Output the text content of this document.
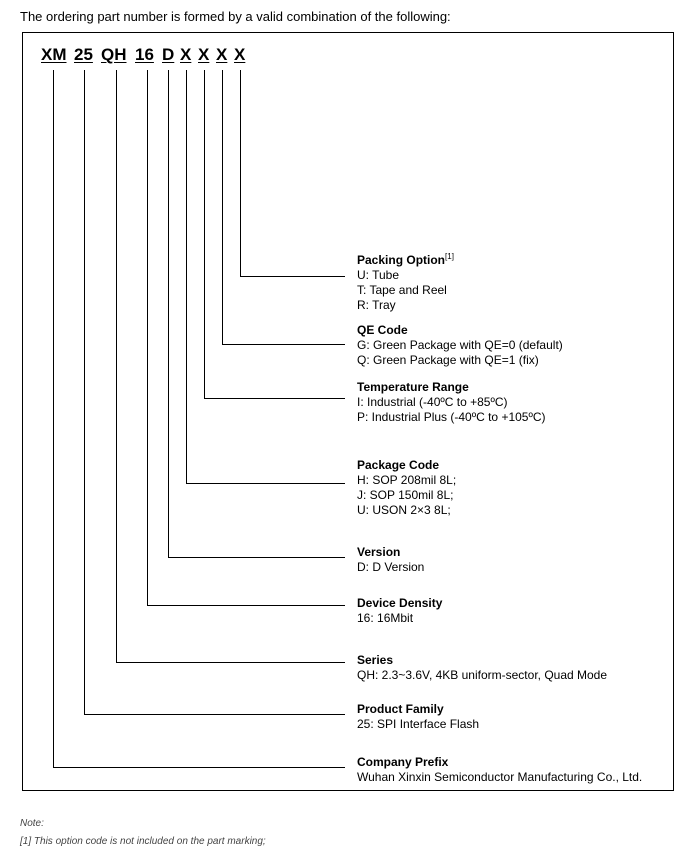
The ordering part number is formed by a valid combination of the following:
XM 25 QH 16 D X X X X
Packing Option[1]
U: Tube
T: Tape and Reel
R: Tray
QE Code
G: Green Package with QE=0 (default)
Q: Green Package with QE=1 (fix)
Temperature Range
I: Industrial (-40ºC to +85ºC)
P: Industrial Plus (-40ºC to +105ºC)
Package Code
H: SOP 208mil 8L;
J: SOP 150mil 8L;
U: USON 2×3 8L;
Version
D: D Version
Device Density
16: 16Mbit
Series
QH: 2.3~3.6V, 4KB uniform-sector, Quad Mode
Product Family
25: SPI Interface Flash
Company Prefix
Wuhan Xinxin Semiconductor Manufacturing Co., Ltd.
Note:
[1] This option code is not included on the part marking;
